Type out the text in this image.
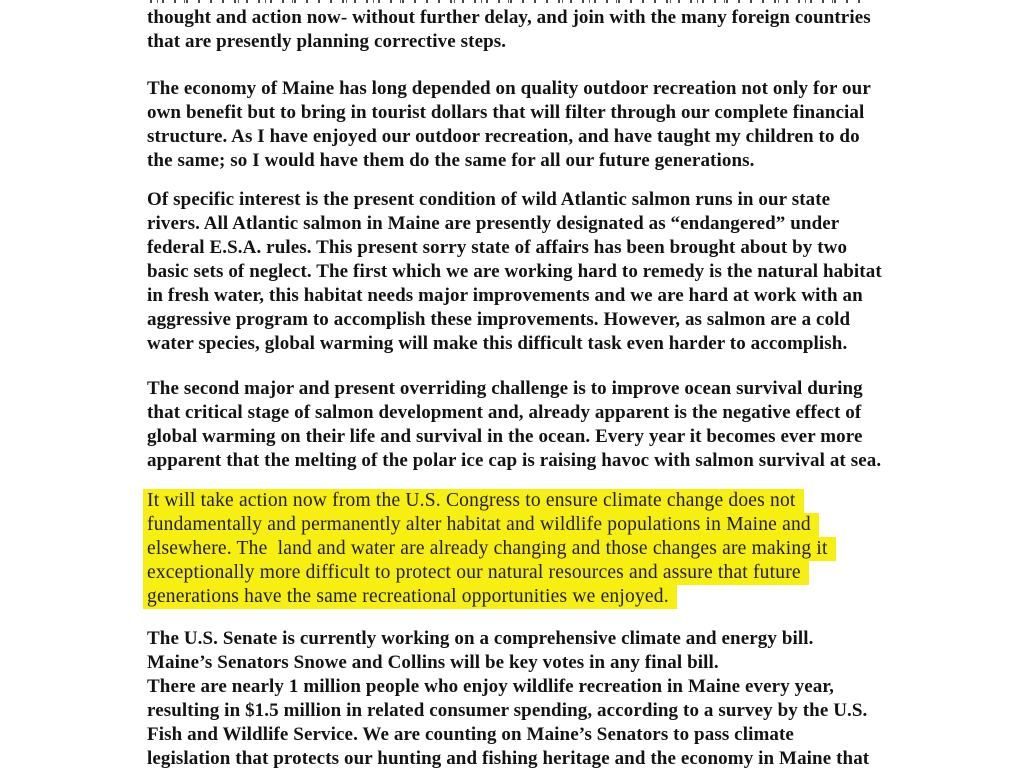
thought and action now- without further delay, and join with the many foreign countries
that are presently planning corrective steps.
The economy of Maine has long depended on quality outdoor recreation not only for our
own benefit but to bring in tourist dollars that will filter through our complete financial
structure. As I have enjoyed our outdoor recreation, and have taught my children to do
the same; so I would have them do the same for all our future generations.
Of specific interest is the present condition of wild Atlantic salmon runs in our state
rivers. All Atlantic salmon in Maine are presently designated as “endangered” under
federal E.S.A. rules. This present sorry state of affairs has been brought about by two
basic sets of neglect. The first which we are working hard to remedy is the natural habitat
in fresh water, this habitat needs major improvements and we are hard at work with an
aggressive program to accomplish these improvements. However, as salmon are a cold
water species, global warming will make this difficult task even harder to accomplish.
The second major and present overriding challenge is to improve ocean survival during
that critical stage of salmon development and, already apparent is the negative effect of
global warming on their life and survival in the ocean. Every year it becomes ever more
apparent that the melting of the polar ice cap is raising havoc with salmon survival at sea.
It will take action now from the U.S. Congress to ensure climate change does not
fundamentally and permanently alter habitat and wildlife populations in Maine and
elsewhere. The  land and water are already changing and those changes are making it
exceptionally more difficult to protect our natural resources and assure that future
generations have the same recreational opportunities we enjoyed.
The U.S. Senate is currently working on a comprehensive climate and energy bill.
Maine’s Senators Snowe and Collins will be key votes in any final bill.
There are nearly 1 million people who enjoy wildlife recreation in Maine every year,
resulting in $1.5 million in related consumer spending, according to a survey by the U.S.
Fish and Wildlife Service. We are counting on Maine’s Senators to pass climate
legislation that protects our hunting and fishing heritage and the economy in Maine that
